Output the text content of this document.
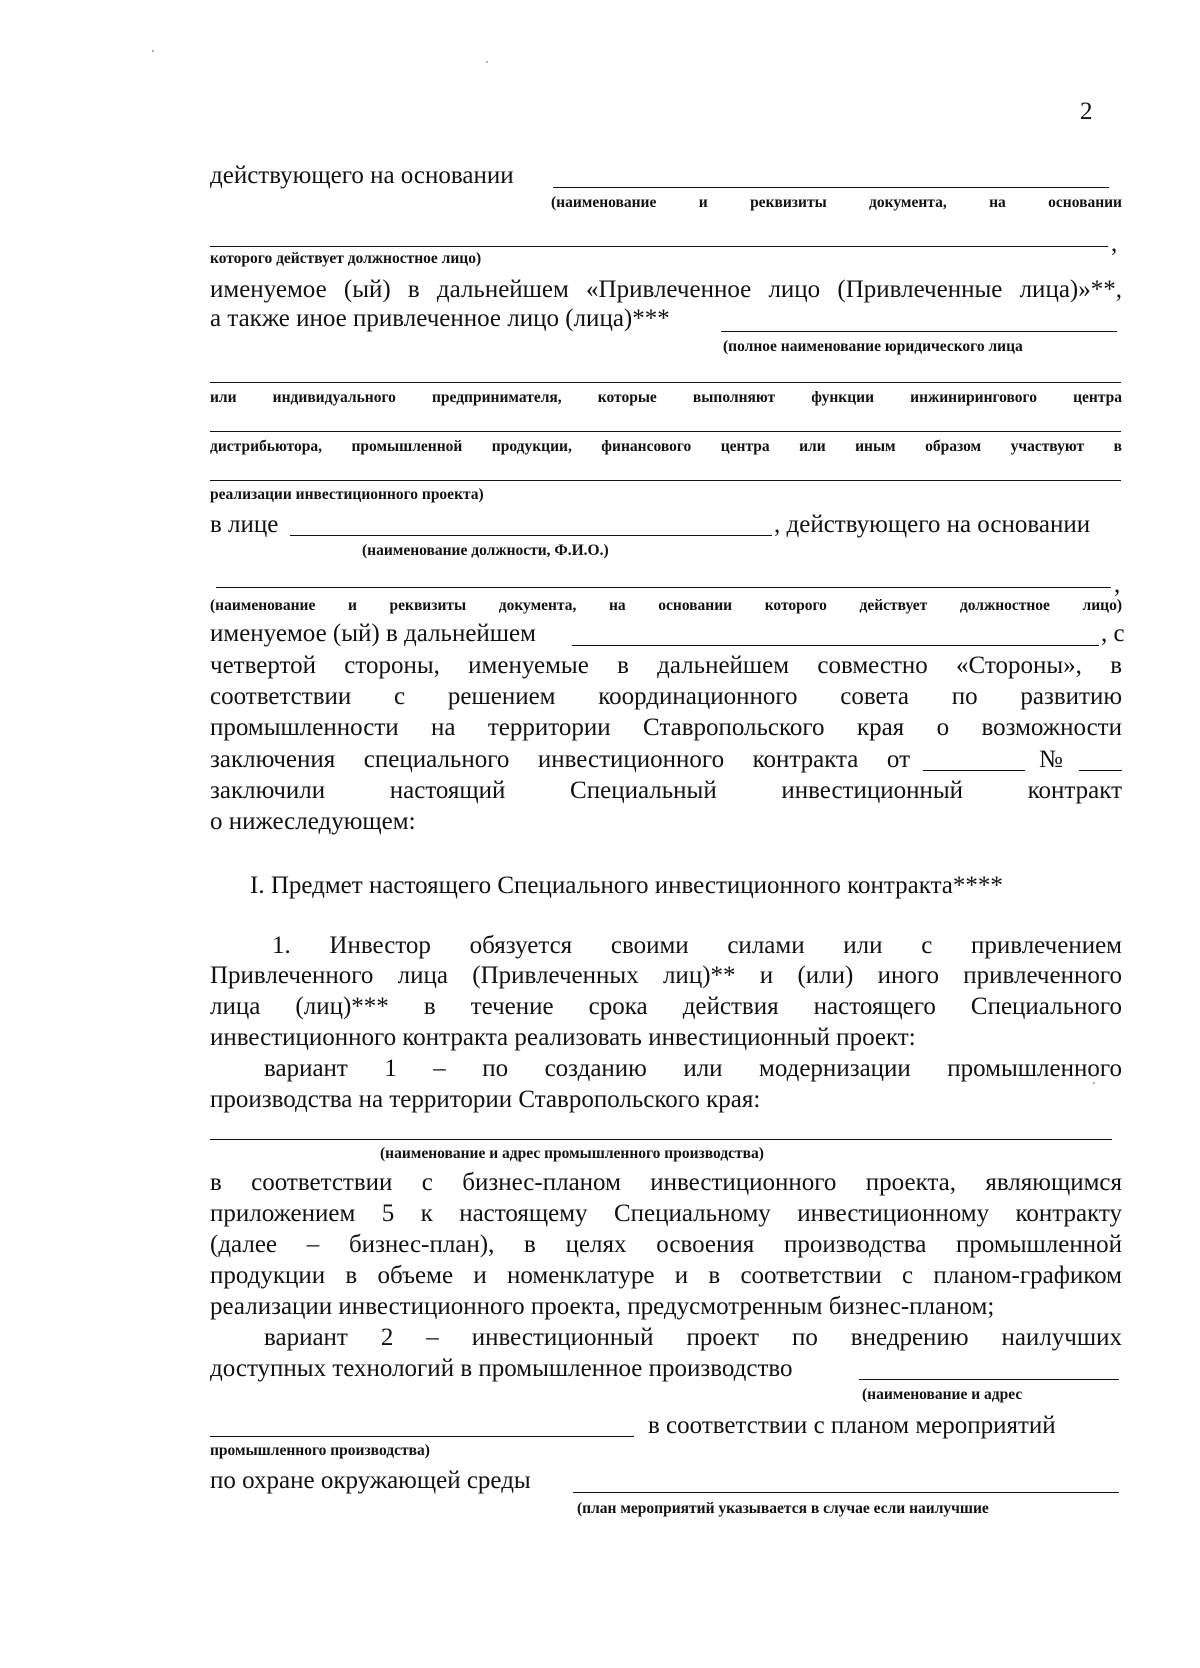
2
действующего на основании
(наименование и реквизиты документа, на основании
,
которого действует должностное лицо)
именуемое (ый) в дальнейшем «Привлеченное лицо (Привлеченные лица)»**,
а также иное привлеченное лицо (лица)***
(полное наименование юридического лица
или индивидуального предпринимателя, которые выполняют функции инжинирингового центра
дистрибьютора, промышленной продукции, финансового центра или иным образом участвуют в
реализации инвестиционного проекта)
в лице	, действующего на основании
(наименование должности, Ф.И.О.)
,
(наименование и реквизиты документа, на основании которого действует должностное лицо)
именуемое (ый) в дальнейшем	, с
четвертой стороны, именуемые в дальнейшем совместно «Стороны», в
соответствии с решением координационного совета по развитию
промышленности на территории Ставропольского края о возможности
заключения специального инвестиционного контракта от	№
заключили настоящий Специальный инвестиционный контракт
о нижеследующем:
I. Предмет настоящего Специального инвестиционного контракта****
1. Инвестор обязуется своими силами или с привлечением
Привлеченного лица (Привлеченных лиц)** и (или) иного привлеченного
лица (лиц)*** в течение срока действия настоящего Специального
инвестиционного контракта реализовать инвестиционный проект:
вариант 1 – по созданию или модернизации промышленного
производства на территории Ставропольского края:
(наименование и адрес промышленного производства)
в соответствии с бизнес-планом инвестиционного проекта, являющимся
приложением 5 к настоящему Специальному инвестиционному контракту
(далее – бизнес-план), в целях освоения производства промышленной
продукции в объеме и номенклатуре и в соответствии с планом-графиком
реализации инвестиционного проекта, предусмотренным бизнес-планом;
вариант 2 – инвестиционный проект по внедрению наилучших
доступных технологий в промышленное производство
(наименование и адрес
в соответствии с планом мероприятий
промышленного производства)
по охране окружающей среды
(план мероприятий указывается в случае если наилучшие
